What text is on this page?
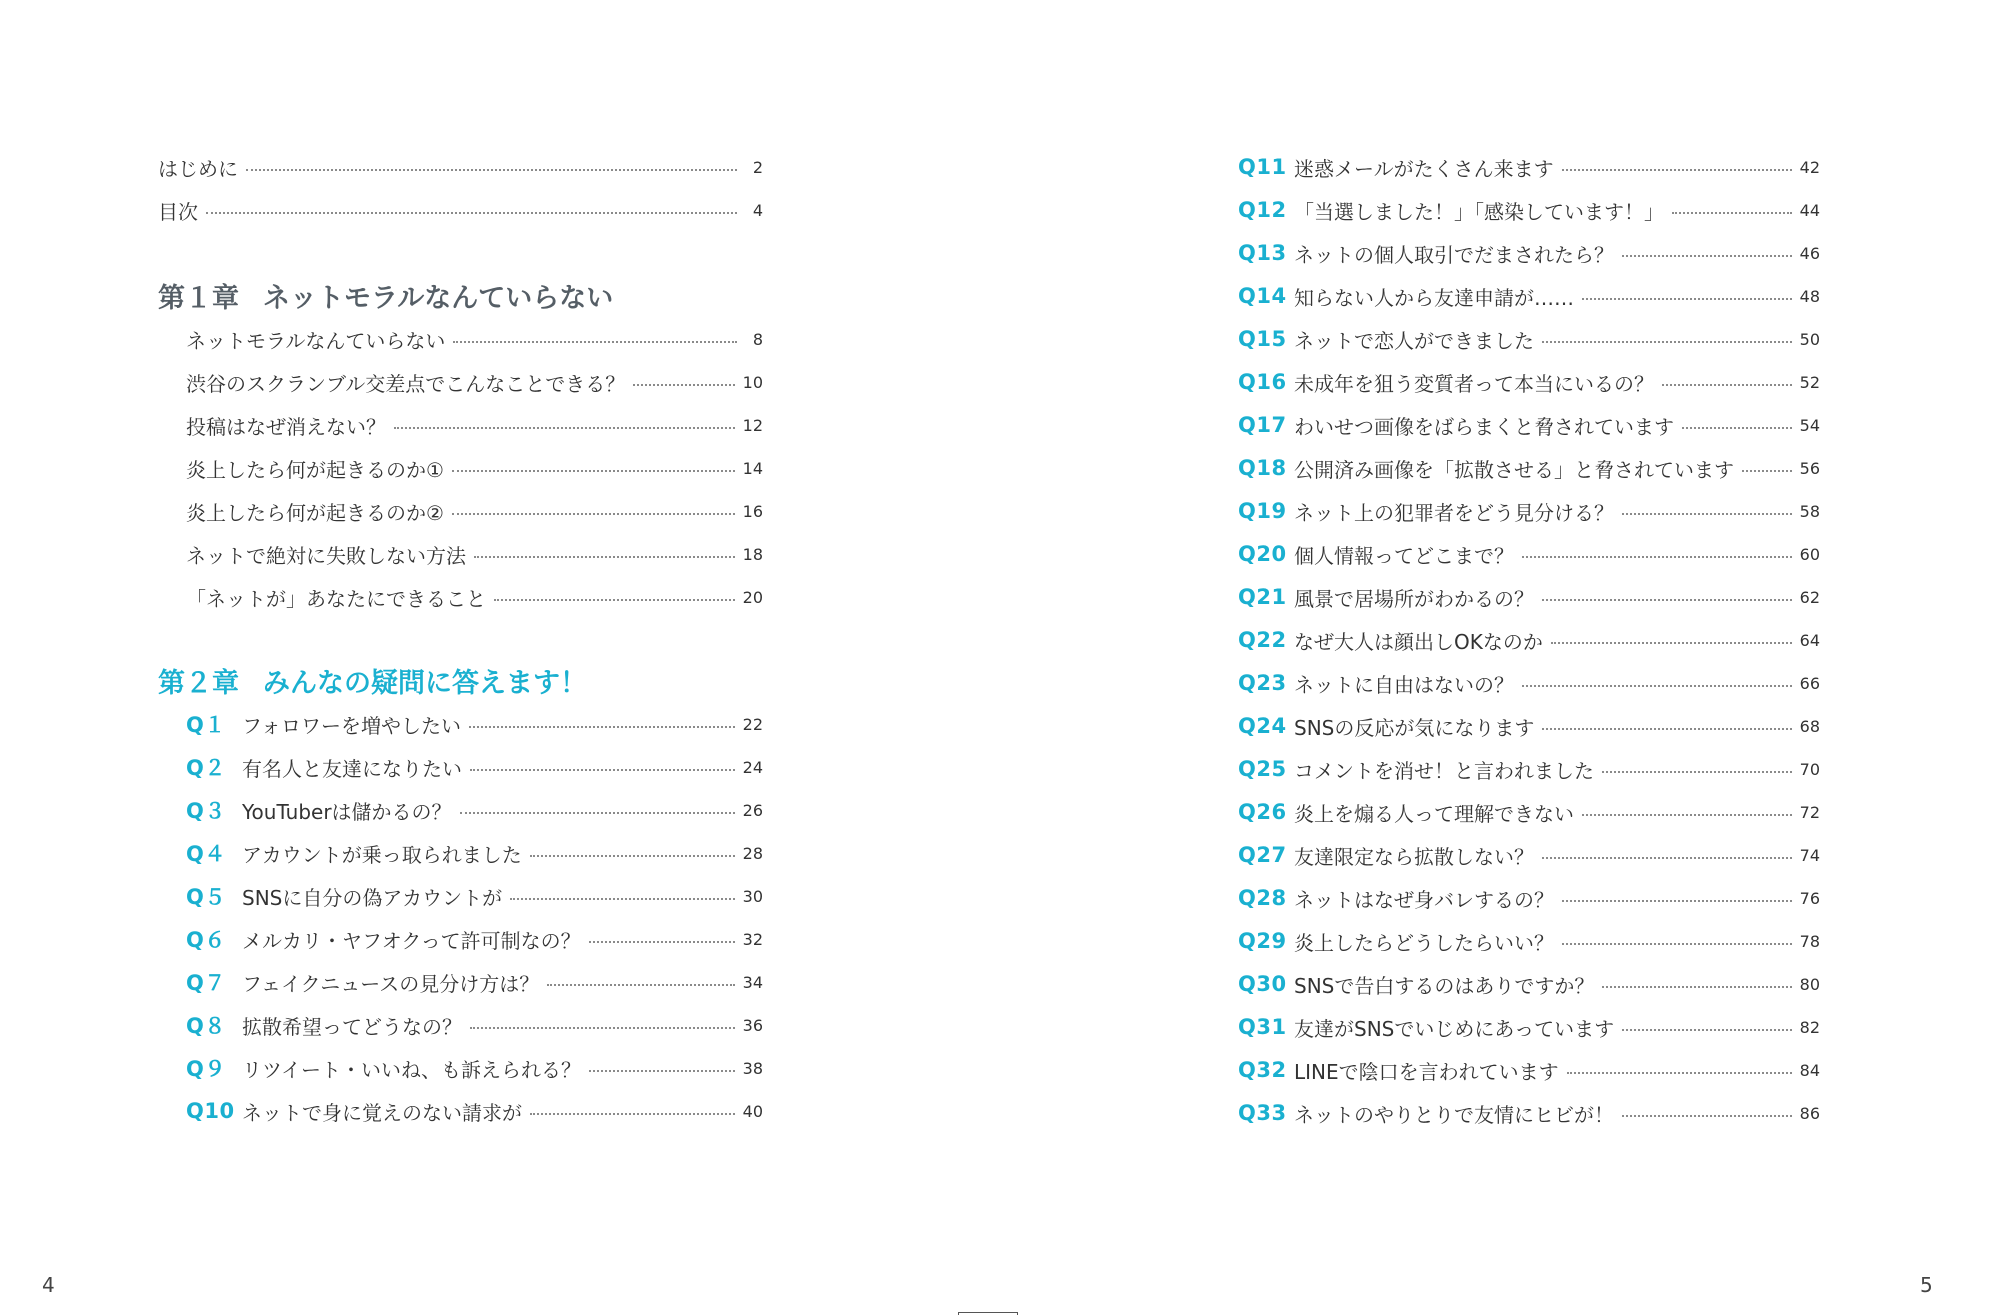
はじめに	2
目次	4
第１章 ネットモラルなんていらない
ネットモラルなんていらない	8
渋谷のスクランブル交差点でこんなことできる？	10
投稿はなぜ消えない？	12
炎上したら何が起きるのか①	14
炎上したら何が起きるのか②	16
ネットで絶対に失敗しない方法	18
「ネットが」あなたにできること	20
第２章 みんなの疑問に答えます！
Q１ フォロワーを増やしたい	22
Q２ 有名人と友達になりたい	24
Q３ YouTuberは儲かるの？	26
Q４ アカウントが乗っ取られました	28
Q５ SNSに自分の偽アカウントが	30
Q６ メルカリ・ヤフオクって許可制なの？	32
Q７ フェイクニュースの見分け方は？	34
Q８ 拡散希望ってどうなの？	36
Q９ リツイート・いいね、も訴えられる？	38
Q10 ネットで身に覚えのない請求が	40
Q11 迷惑メールがたくさん来ます	42
Q12 「当選しました！」「感染しています！」	44
Q13 ネットの個人取引でだまされたら？	46
Q14 知らない人から友達申請が……	48
Q15 ネットで恋人ができました	50
Q16 未成年を狙う変質者って本当にいるの？	52
Q17 わいせつ画像をばらまくと脅されています	54
Q18 公開済み画像を「拡散させる」と脅されています	56
Q19 ネット上の犯罪者をどう見分ける？	58
Q20 個人情報ってどこまで？	60
Q21 風景で居場所がわかるの？	62
Q22 なぜ大人は顔出しOKなのか	64
Q23 ネットに自由はないの？	66
Q24 SNSの反応が気になります	68
Q25 コメントを消せ！と言われました	70
Q26 炎上を煽る人って理解できない	72
Q27 友達限定なら拡散しない？	74
Q28 ネットはなぜ身バレするの？	76
Q29 炎上したらどうしたらいい？	78
Q30 SNSで告白するのはありですか？	80
Q31 友達がSNSでいじめにあっています	82
Q32 LINEで陰口を言われています	84
Q33 ネットのやりとりで友情にヒビが！	86
4	5
